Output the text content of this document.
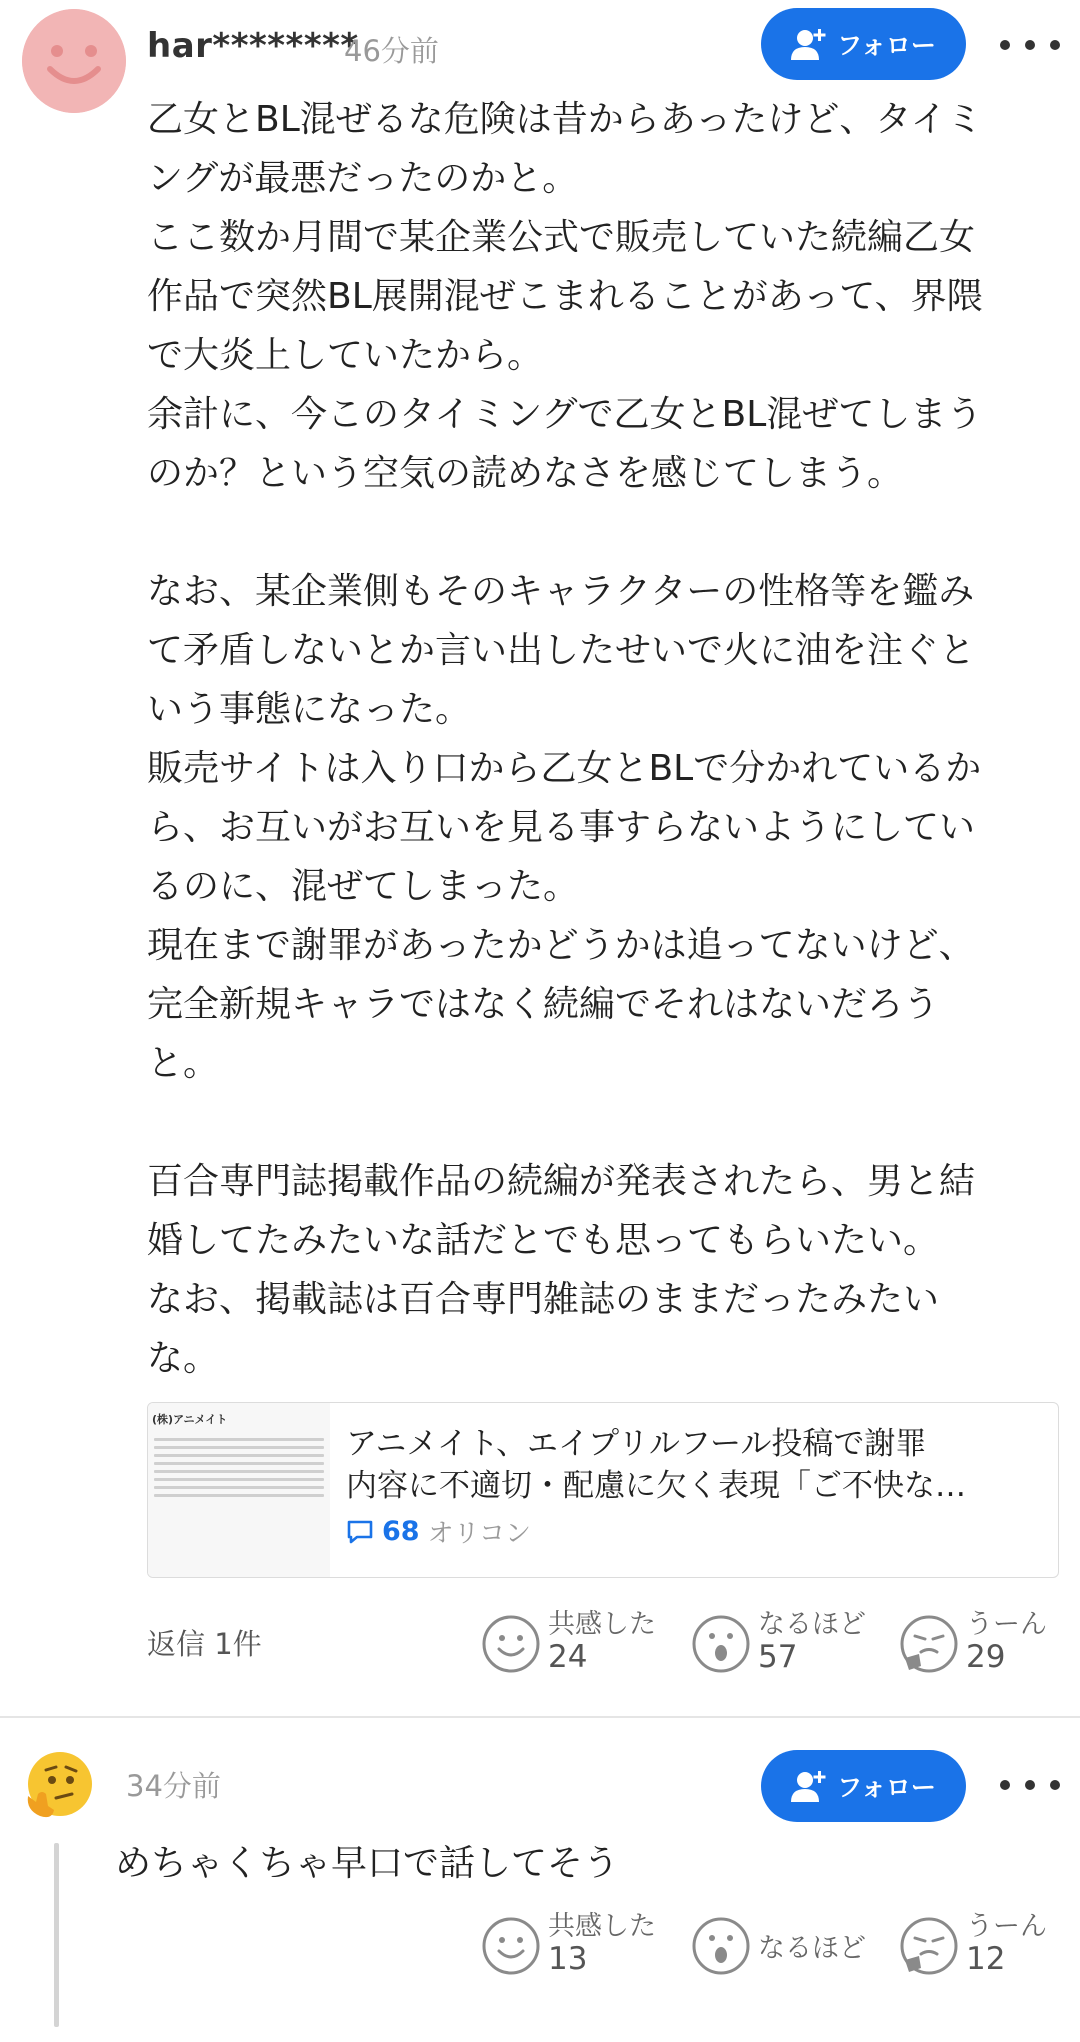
har********
46分前	フォロー

乙女とBL混ぜるな危険は昔からあったけど、タイミ

ングが最悪だったのかと。

ここ数か月間で某企業公式で販売していた続編乙女

作品で突然BL展開混ぜこまれることがあって、界隈

で大炎上していたから。

余計に、今このタイミングで乙女とBL混ぜてしまう

のか？という空気の読めなさを感じてしまう。

なお、某企業側もそのキャラクターの性格等を鑑み

て矛盾しないとか言い出したせいで火に油を注ぐと

いう事態になった。

販売サイトは入り口から乙女とBLで分かれているか

ら、お互いがお互いを見る事すらないようにしてい

るのに、混ぜてしまった。

現在まで謝罪があったかどうかは追ってないけど、

完全新規キャラではなく続編でそれはないだろう

と。

百合専門誌掲載作品の続編が発表されたら、男と結

婚してたみたいな話だとでも思ってもらいたい。

なお、掲載誌は百合専門雑誌のままだったみたい

な。

(株)アニメイト
アニメイト、エイプリルフール投稿で謝罪
内容に不適切・配慮に欠く表現「ご不快な…
68 オリコン
返信 1件
共感した
24
なるほど
57
うーん
29
34分前	フォロー
めちゃくちゃ早口で話してそう
共感した
13	なるほど
うーん
12
